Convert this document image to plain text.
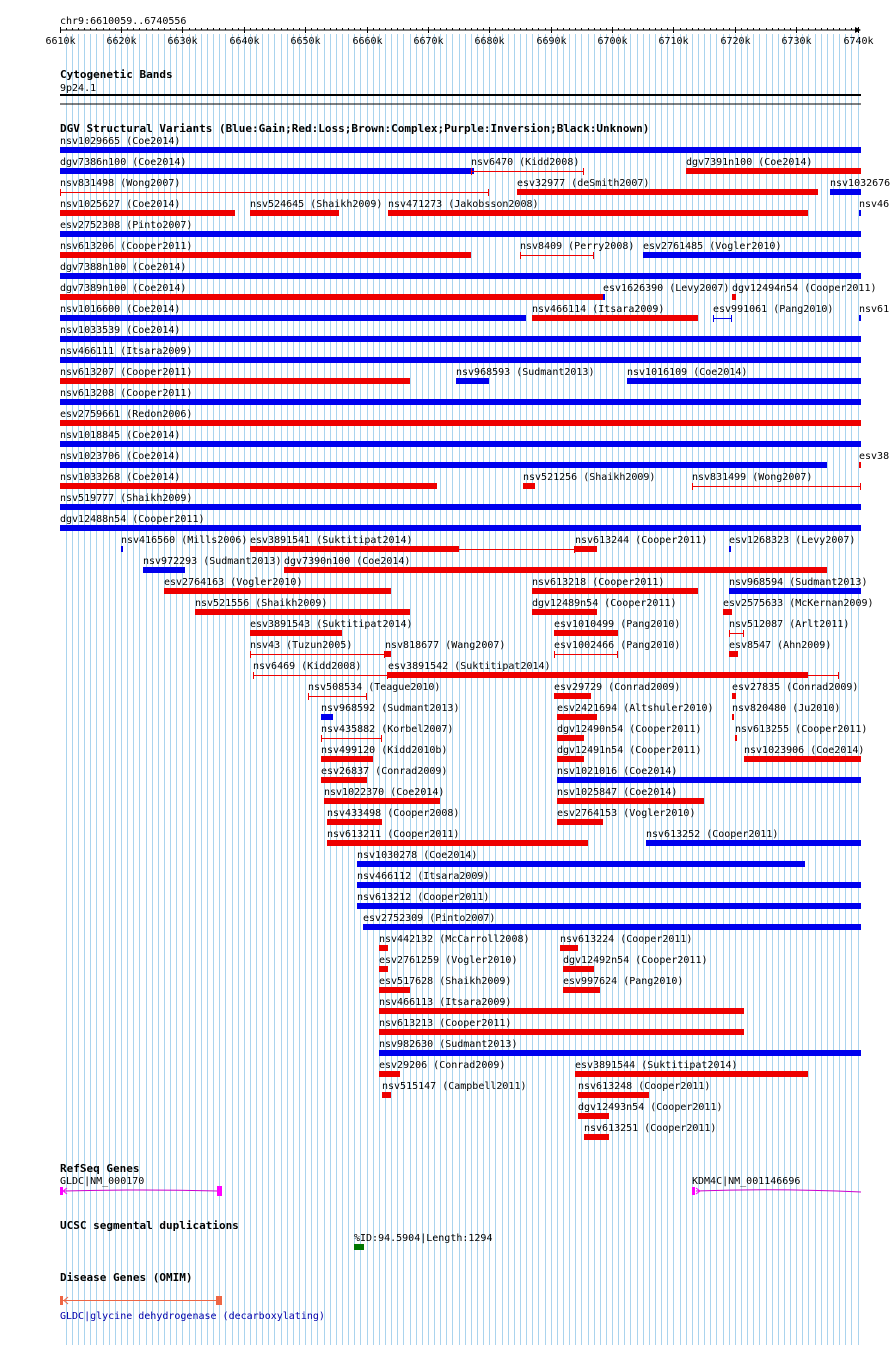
chr9:6610059..6740556
6610k	6620k	6630k	6640k	6650k	6660k	6670k	6680k	6690k	6700k	6710k	6720k	6730k	6740k
Cytogenetic Bands
9p24.1
DGV Structural Variants (Blue:Gain;Red:Loss;Brown:Complex;Purple:Inversion;Black:Unknown)
nsv1029665 (Coe2014)
dgv7386n100 (Coe2014)	nsv6470 (Kidd2008)	dgv7391n100 (Coe2014)
nsv831498 (Wong2007)	esv32977 (deSmith2007)	nsv1032676
nsv1025627 (Coe2014)	nsv524645 (Shaikh2009) nsv471273 (Jakobsson2008)	nsv46
esv2752308 (Pinto2007)
nsv613206 (Cooper2011)	nsv8409 (Perry2008) esv2761485 (Vogler2010)
dgv7388n100 (Coe2014)
dgv7389n100 (Coe2014)	esv1626390 (Levy2007) dgv12494n54 (Cooper2011)
nsv1016600 (Coe2014)	nsv466114 (Itsara2009)	esv991061 (Pang2010)	nsv61
nsv1033539 (Coe2014)
nsv466111 (Itsara2009)
nsv613207 (Cooper2011)	nsv968593 (Sudmant2013)	nsv1016109 (Coe2014)
nsv613208 (Cooper2011)
esv2759661 (Redon2006)
nsv1018845 (Coe2014)
nsv1023706 (Coe2014)	esv38
nsv1033268 (Coe2014)	nsv521256 (Shaikh2009)	nsv831499 (Wong2007)
nsv519777 (Shaikh2009)
dgv12488n54 (Cooper2011)
nsv416560 (Mills2006) esv3891541 (Suktitipat2014)	nsv613244 (Cooper2011) esv1268323 (Levy2007)
nsv972293 (Sudmant2013) dgv7390n100 (Coe2014)
esv2764163 (Vogler2010)	nsv613218 (Cooper2011)	nsv968594 (Sudmant2013)
nsv521556 (Shaikh2009)	dgv12489n54 (Cooper2011)	esv2575633 (McKernan2009)
esv3891543 (Suktitipat2014)	esv1010499 (Pang2010)	nsv512087 (Arlt2011)
nsv43 (Tuzun2005)	nsv818677 (Wang2007)	esv1002466 (Pang2010)	esv8547 (Ahn2009)
nsv6469 (Kidd2008)	esv3891542 (Suktitipat2014)
nsv508534 (Teague2010)	esv29729 (Conrad2009)	esv27835 (Conrad2009)
nsv968592 (Sudmant2013)	esv2421694 (Altshuler2010) nsv820480 (Ju2010)
nsv435882 (Korbel2007)	dgv12490n54 (Cooper2011)	nsv613255 (Cooper2011)
nsv499120 (Kidd2010b)	dgv12491n54 (Cooper2011)	nsv1023906 (Coe2014)
esv26837 (Conrad2009)	nsv1021016 (Coe2014)
nsv1022370 (Coe2014)	nsv1025847 (Coe2014)
nsv433498 (Cooper2008)	esv2764153 (Vogler2010)
nsv613211 (Cooper2011)	nsv613252 (Cooper2011)
nsv1030278 (Coe2014)
nsv466112 (Itsara2009)
nsv613212 (Cooper2011)
esv2752309 (Pinto2007)
nsv442132 (McCarroll2008)	nsv613224 (Cooper2011)
esv2761259 (Vogler2010)	dgv12492n54 (Cooper2011)
esv517628 (Shaikh2009)	esv997624 (Pang2010)
nsv466113 (Itsara2009)
nsv613213 (Cooper2011)
nsv982630 (Sudmant2013)
esv29206 (Conrad2009)	esv3891544 (Suktitipat2014)
nsv515147 (Campbell2011)	nsv613248 (Cooper2011)
dgv12493n54 (Cooper2011)
nsv613251 (Cooper2011)
RefSeq Genes
GLDC|NM_000170	KDM4C|NM_001146696
UCSC segmental duplications
%ID:94.5904|Length:1294
Disease Genes (OMIM)
GLDC|glycine dehydrogenase (decarboxylating)
